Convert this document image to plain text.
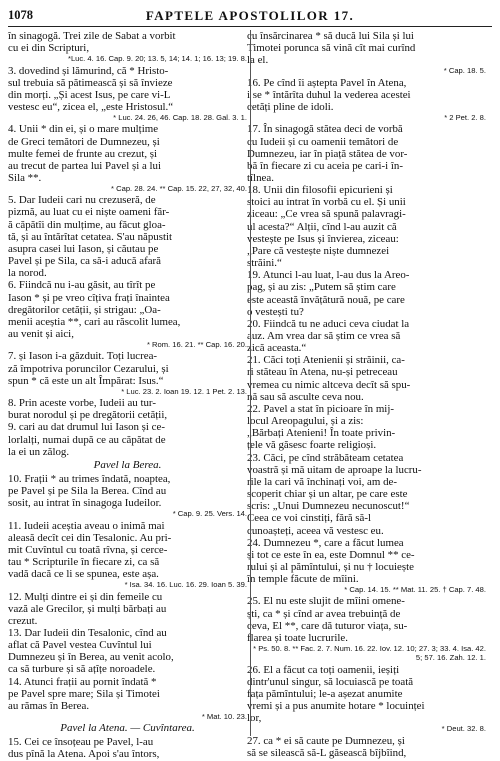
1078	FAPTELE APOSTOLILOR 17.

în sinagogă. Trei zile de Sabat a vorbit
cu ei din Scripturi,

*Luc. 4. 16. Cap. 9. 20; 13. 5, 14; 14. 1; 16. 13; 19. 8.

3. dovedind și lămurind, că * Hristo-
sul trebuia să pătimească și să învieze
din morți. „Și acest Isus, pe care vi-L
vestesc eu“, zicea el, „este Hristosul.“

* Luc. 24. 26, 46. Cap. 18. 28. Gal. 3. 1.

4. Unii * din ei, și o mare mulțime
de Greci temători de Dumnezeu, și
multe femei de frunte au crezut, și
au trecut de partea lui Pavel și a lui
Sila **.

* Cap. 28. 24. ** Cap. 15. 22, 27, 32, 40.

5. Dar Iudeii cari nu crezuseră, de
pizmă, au luat cu ei niște oameni făr-
ă căpătîi din mulțime, au făcut gloa-
tă, și au întărîtat cetatea. S'au năpustit
asupra casei lui Iason, și căutau pe
Pavel și pe Sila, ca să-i aducă afară
la norod.

6. Fiindcă nu i-au găsit, au tîrît pe
Iason * și pe vreo cîțiva frați înaintea
dregătorilor cetății, și strigau: „Oa-
menii aceștia **, cari au răscolit lumea,
au venit și aici,

* Rom. 16. 21. ** Cap. 16. 20.

7. și Iason i-a găzduit. Toți lucrea-
ză împotriva poruncilor Cezarului, și
spun * că este un alt Împărat: Isus.“

* Luc. 23. 2. Ioan 19. 12. 1 Pet. 2. 13.

8. Prin aceste vorbe, Iudeii au tur-
burat norodul și pe dregătorii cetății,

9. cari au dat drumul lui Iason și ce-
lorlalți, numai după ce au căpătat de
la ei un zălog.

Pavel la Berea.

10. Frații * au trimes îndată, noaptea,
pe Pavel și pe Sila la Berea. Cînd au
sosit, au intrat în sinagoga Iudeilor.

* Cap. 9. 25. Vers. 14.

11. Iudeii aceștia aveau o inimă mai
aleasă decît cei din Tesalonic. Au pri-
mit Cuvîntul cu toată rîvna, și cerce-
tau * Scripturile în fiecare zi, ca să
vadă dacă ce li se spunea, este așa.

* Isa. 34. 16. Luc. 16. 29. Ioan 5. 39.

12. Mulți dintre ei și din femeile cu
vază ale Grecilor, și mulți bărbați au
crezut.

13. Dar Iudeii din Tesalonic, cînd au
aflat că Pavel vestea Cuvîntul lui
Dumnezeu și în Berea, au venit acolo,
ca să turbure și să ațîțe noroadele.

14. Atunci frații au pornit îndată *
pe Pavel spre mare; Sila și Timotei
au rămas în Berea.

* Mat. 10. 23.

Pavel la Atena. — Cuvîntarea.

15. Cei ce însoțeau pe Pavel, l-au
dus pînă la Atena. Apoi s'au întors,

cu însărcinarea * să ducă lui Sila și lui
Timotei porunca să vină cît mai curînd
la el.

* Cap. 18. 5.

16. Pe cînd îi aștepta Pavel în Atena,
i se * întărîta duhul la vederea acestei
cetăți pline de idoli.

* 2 Pet. 2. 8.

17. În sinagogă stătea deci de vorbă
cu Iudeii și cu oamenii temători de
Dumnezeu, iar în piață stătea de vor-
bă în fiecare zi cu aceia pe cari-i în-
tîlnea.

18. Unii din filosofii epicurieni și
stoici au intrat în vorbă cu el. Și unii
ziceau: „Ce vrea să spună palavragi-
ul acesta?“ Alții, cînd l-au auzit că
vestește pe Isus și învierea, ziceau:
„Pare că vestește niște dumnezei
străini.“

19. Atunci l-au luat, l-au dus la Areo-
pag, și au zis: „Putem să știm care
este această învățătură nouă, pe care
o vestești tu?

20. Fiindcă tu ne aduci ceva ciudat la
auz. Am vrea dar să știm ce vrea să
zică aceasta.“

21. Căci toți Atenienii și străinii, ca-
ri stăteau în Atena, nu-și petreceau
vremea cu nimic altceva decît să spu-
nă sau să asculte ceva nou.

22. Pavel a stat în picioare în mij-
locul Areopagului, și a zis:
„Bărbați Atenieni! În toate privin-
țele vă găsesc foarte religioși.

23. Căci, pe cînd străbăteam cetatea
voastră și mă uitam de aproape la lucru-
rile la cari vă închinați voi, am de-
scoperit chiar și un altar, pe care este
scris: „Unui Dumnezeu necunoscut!“
Ceea ce voi cinstiți, fără să-l
cunoașteți, aceea vă vestesc eu.

24. Dumnezeu *, care a făcut lumea
și tot ce este în ea, este Domnul ** ce-
rului și al pămîntului, și nu † locuiește
în temple făcute de mîini.

* Cap. 14. 15. ** Mat. 11. 25. † Cap. 7. 48.

25. El nu este slujit de mîini omene-
ști, ca * și cînd ar avea trebuință de
ceva, El **, care dă tuturor viața, su-
flarea și toate lucrurile.

* Ps. 50. 8. ** Fac. 2. 7. Num. 16. 22. Iov. 12. 10; 27. 3; 33. 4. Isa. 42. 5; 57. 16. Zah. 12. 1.

26. El a făcut ca toți oamenii, ieșiți
dintr'unul singur, să locuiască pe toată
fața pămîntului; le-a așezat anumite
vremi și a pus anumite hotare * locuinței
lor,

* Deut. 32. 8.

27. ca * ei să caute pe Dumnezeu, și
să se silească să-L găsească bîjbîind,
